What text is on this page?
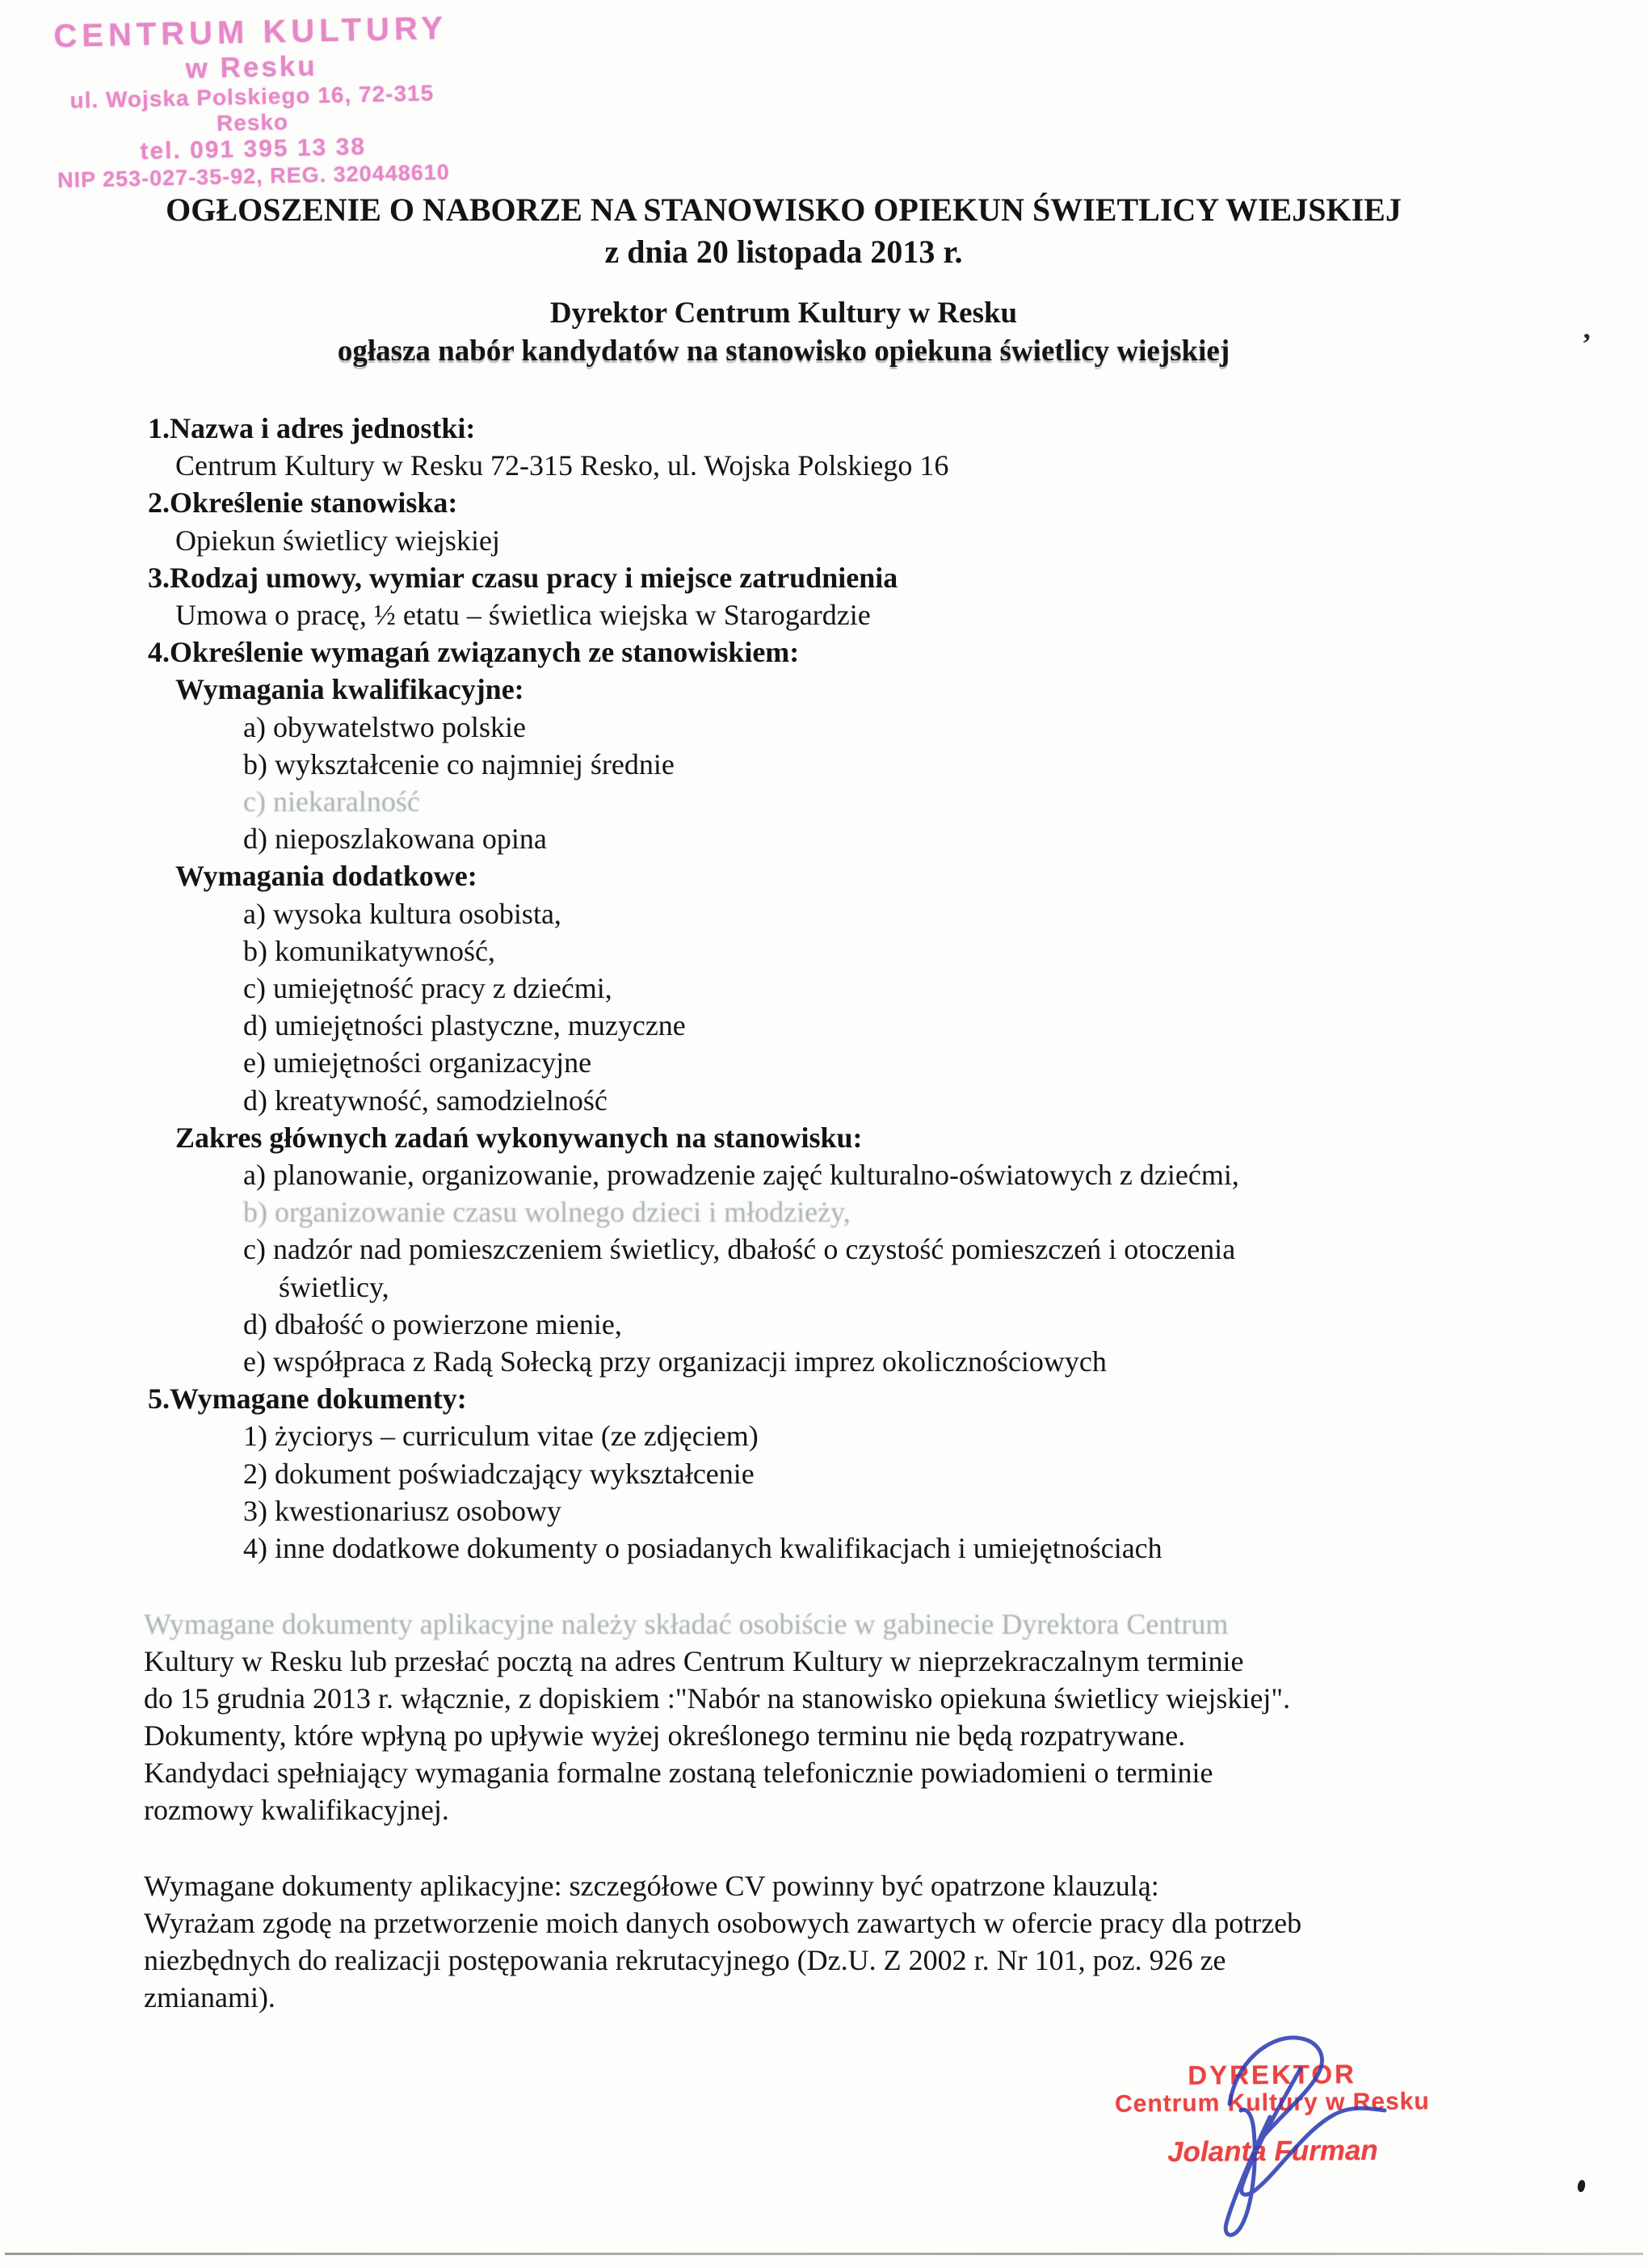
CENTRUM KULTURY
w Resku
ul. Wojska Polskiego 16, 72-315 Resko
tel. 091 395 13 38
NIP 253-027-35-92, REG. 320448610
OGŁOSZENIE O NABORZE NA STANOWISKO OPIEKUN ŚWIETLICY WIEJSKIEJ
z dnia 20 listopada 2013 r.
Dyrektor Centrum Kultury w Resku
ogłasza nabór kandydatów na stanowisko opiekuna świetlicy wiejskiej
1.Nazwa i adres jednostki:
Centrum Kultury w Resku 72-315 Resko, ul. Wojska Polskiego 16
2.Określenie stanowiska:
Opiekun świetlicy wiejskiej
3.Rodzaj umowy, wymiar czasu pracy i miejsce zatrudnienia
Umowa o pracę, ½ etatu – świetlica wiejska w Starogardzie
4.Określenie wymagań związanych ze stanowiskiem:
Wymagania kwalifikacyjne:
a) obywatelstwo polskie
b) wykształcenie co najmniej średnie
c) niekaralność
d) nieposzlakowana opina
Wymagania dodatkowe:
a) wysoka kultura osobista,
b) komunikatywność,
c) umiejętność pracy z dziećmi,
d) umiejętności plastyczne, muzyczne
e) umiejętności organizacyjne
d) kreatywność, samodzielność
Zakres głównych zadań wykonywanych na stanowisku:
a) planowanie, organizowanie, prowadzenie zajęć kulturalno-oświatowych z dziećmi,
b) organizowanie czasu wolnego dzieci i młodzieży,
c) nadzór nad pomieszczeniem świetlicy, dbałość o czystość pomieszczeń i otoczenia
świetlicy,
d) dbałość o powierzone mienie,
e) współpraca z Radą Sołecką przy organizacji imprez okolicznościowych
5.Wymagane dokumenty:
1) życiorys – curriculum vitae (ze zdjęciem)
2) dokument poświadczający wykształcenie
3) kwestionariusz osobowy
4) inne dodatkowe dokumenty o posiadanych kwalifikacjach i umiejętnościach
Wymagane dokumenty aplikacyjne należy składać osobiście w gabinecie Dyrektora Centrum
Kultury w Resku lub przesłać pocztą na adres Centrum Kultury w nieprzekraczalnym terminie
do 15 grudnia 2013 r. włącznie, z dopiskiem :"Nabór na stanowisko opiekuna świetlicy wiejskiej".
Dokumenty, które wpłyną po upływie wyżej określonego terminu nie będą rozpatrywane.
Kandydaci spełniający wymagania formalne zostaną telefonicznie powiadomieni o terminie
rozmowy kwalifikacyjnej.
Wymagane dokumenty aplikacyjne: szczegółowe CV powinny być opatrzone klauzulą:
Wyrażam zgodę na przetworzenie moich danych osobowych zawartych w ofercie pracy dla potrzeb
niezbędnych do realizacji postępowania rekrutacyjnego (Dz.U. Z 2002 r. Nr 101, poz. 926 ze
zmianami).
DYREKTOR
Centrum Kultury w Resku
Jolanta Furman
’
